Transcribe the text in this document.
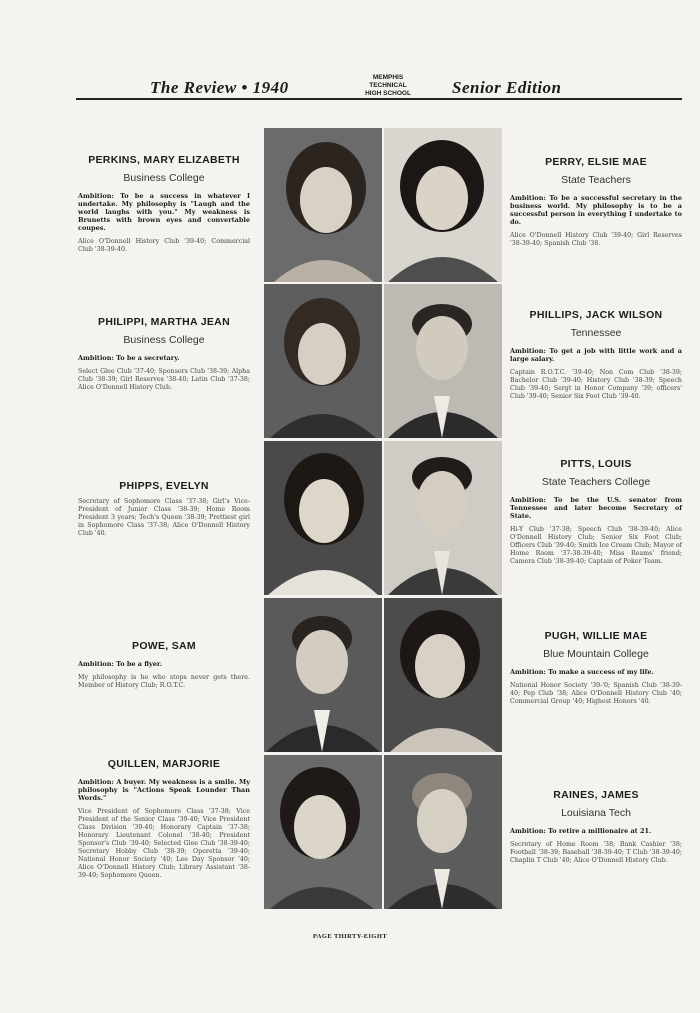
The Review • 1940
MEMPHIS
TECHNICAL
HIGH SCHOOL	Senior Edition
PERKINS, MARY ELIZABETH
Business College
Ambition: To be a success in whatever I undertake. My philosophy is "Laugh and the world laughs with you." My weakness is Brunetts with brown eyes and convertable coupes.
Alice O'Donnell History Club '39-40; Commercial Club '38-39-40.
PHILIPPI, MARTHA JEAN
Business College
Ambition: To be a secretary.
Select Glee Club '37-40; Sponsors Club '38-39; Alpha Club '38-39; Girl Reserves '38-40; Latin Club '37-38; Alice O'Donnell History Club.
PHIPPS, EVELYN
Secretary of Sophomore Class '37-38; Girl's Vice-President of Junior Class '38-39; Home Room President 3 years; Tech's Queen '38-39; Prettiest girl in Sophomore Class '37-38; Alice O'Donnell History Club '40.
POWE, SAM
Ambition: To be a flyer.
My philosophy is he who stops never gets there. Member of History Club; R.O.T.C.
QUILLEN, MARJORIE
Ambition: A buyer. My weakness is a smile. My philosophy is "Actions Speak Lounder Than Words."
Vice President of Sophomore Class '37-38; Vice President of the Senior Class '39-40; Vice President Class Division '39-40; Honorary Captain '37-38; Honorary Lieutenant Colonel '38-40; President Sponsor's Club '39-40; Selected Glee Club '38-39-40; Secretary Hobby Club '38-39; Operetta '39-40; National Honor Society '40; Lee Day Sponsor '40; Alice O'Donnell History Club; Library Assistant '38-39-40; Sophomore Queen.
PERRY, ELSIE MAE
State Teachers
Ambition: To be a successful secretary in the business world. My philosophy is to be a successful person in everything I undertake to do.
Alice O'Donnell History Club '39-40; Girl Reserves '38-39-40; Spanish Club '38.
PHILLIPS, JACK WILSON
Tennessee
Ambition: To get a job with little work and a large salary.
Captain R.O.T.C. '39-40; Non Com Club '38-39; Bachelor Club '39-40; History Club '38-39; Speech Club '39-40; Sergt in Honor Company '39; officers' Club '39-40; Senior Six Foot Club '39-40.
PITTS, LOUIS
State Teachers College
Ambition: To be the U.S. senator from Tennessee and later become Secretary of State.
Hi-Y Club '37-38; Speech Club '38-39-40; Alice O'Donnell History Club; Senior Six Foot Club; Officers Club '39-40; Smith Ice Cream Club; Mayor of Home Room '37-38-39-40; Miss Reams' friend; Camera Club '38-39-40; Captain of Poker Team.
PUGH, WILLIE MAE
Blue Mountain College
Ambition: To make a success of my life.
National Honor Society '39-'0; Spanish Club '38-39-40; Pep Club '38; Alice O'Donnell History Club '40; Commercial Group '40; Highest Honors '40.
RAINES, JAMES
Louisiana Tech
Ambition: To retire a millionaire at 21.
Secretary of Home Room '38; Bank Cashier '38; Football '38-39; Baseball '38-39-40; T Club '38-39-40; Chaplin T Club '40; Alice O'Donnell History Club.
PAGE THIRTY-EIGHT
